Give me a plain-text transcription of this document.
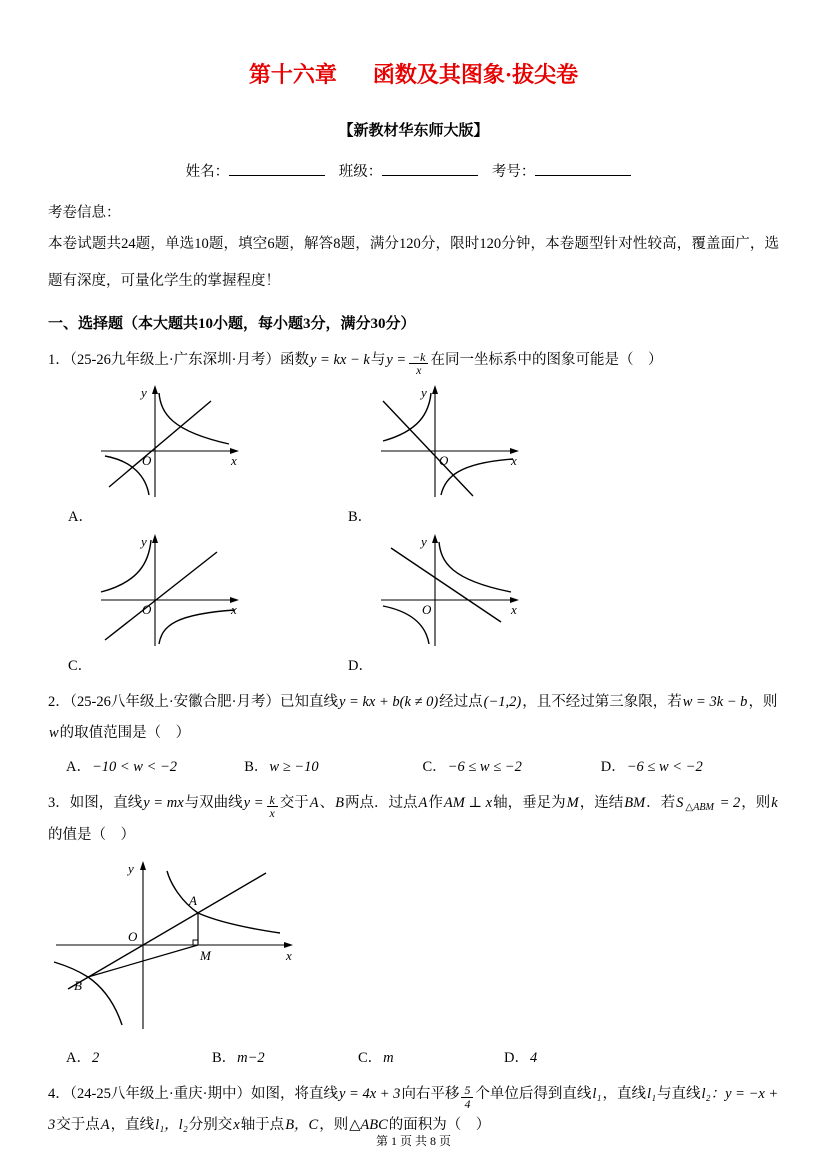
第十六章 函数及其图象·拔尖卷
【新教材华东师大版】
姓名：	班级：	考号：
考卷信息：
本卷试题共24题，单选10题，填空6题，解答8题，满分120分，限时120分钟，本卷题型针对性较高，覆盖面广，选题有深度，可量化学生的掌握程度！
一、选择题（本大题共10小题，每小题3分，满分30分）
1．（25-26九年级上·广东深圳·月考）函数y = kx − k与$y = \frac{-k}{x}$ 在同一坐标系中的图象可能是（　）
y
x
O
A．
y
x
O
B．
y
x
O
C．
y
x
O
D．
2．（25-26八年级上·安徽合肥·月考）已知直线y = kx + b(k ≠ 0)经过点(−1,2)，且不经过第三象限，若w = 3k − b，则w的取值范围是（　）
A．−10 < w < −2	B．w ≥ −10	C．−6 ≤ w ≤ −2	D．−6 ≤ w < −2
3．如图，直线y = mx与双曲线$y = \frac{k}{x}$ 交于A、B两点．过点A作AM ⊥ x轴，垂足为M，连结BM．若S $_{\triangle ABM}$ = 2，则k的值是（　）
y
x
O
A
B
M
A．2	B．m−2	C．m	D．4
4．（24-25八年级上·重庆·期中）如图，将直线y = 4x + 3向右平移 $\frac{5}{4}$ 个单位后得到直线l₁，直线l₁与直线l₂：y = −x + 3交于点A，直线l₁，l₂分别交x轴于点B，C，则△ABC的面积为（　）
第 1 页 共 8 页
